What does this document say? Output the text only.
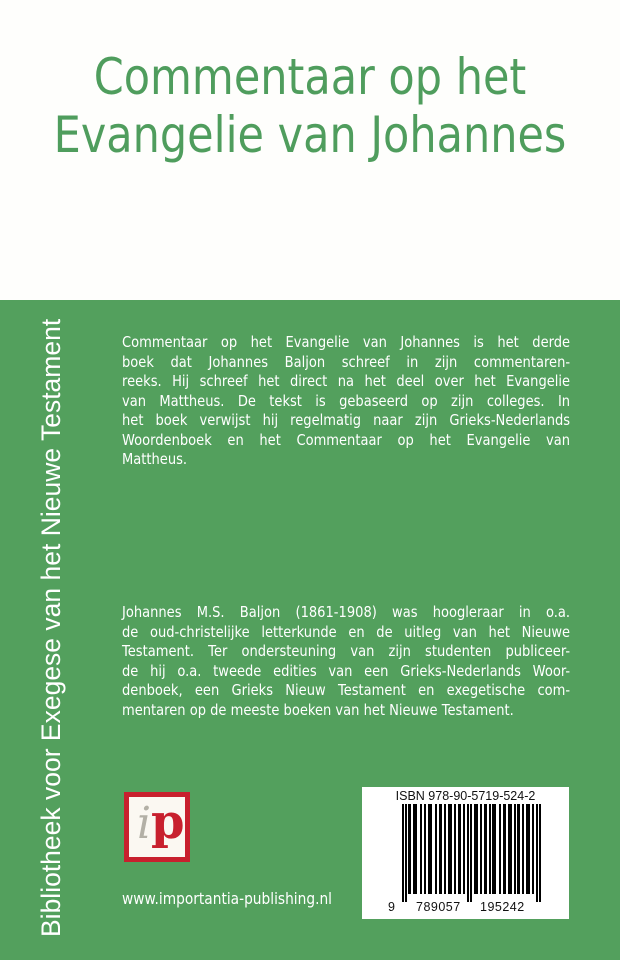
Commentaar op het
Evangelie van Johannes
Bibliotheek voor Exegese van het Nieuwe Testament	Commentaar op het Evangelie van Johannes is het derde
boek dat Johannes Baljon schreef in zijn commentaren-
reeks. Hij schreef het direct na het deel over het Evangelie
van Mattheus. De tekst is gebaseerd op zijn colleges. In
het boek verwijst hij regelmatig naar zijn Grieks-Nederlands
Woordenboek en het Commentaar op het Evangelie van
Mattheus.
Johannes M.S. Baljon (1861-1908) was hoogleraar in o.a.
de oud-christelijke letterkunde en de uitleg van het Nieuwe
Testament. Ter ondersteuning van zijn studenten publiceer-
de hij o.a. tweede edities van een Grieks-Nederlands Woor-
denboek, een Grieks Nieuw Testament en exegetische com-
mentaren op de meeste boeken van het Nieuwe Testament.
i p
www.importantia-publishing.nl
ISBN 978-90-5719-524-2
9 789057 195242
